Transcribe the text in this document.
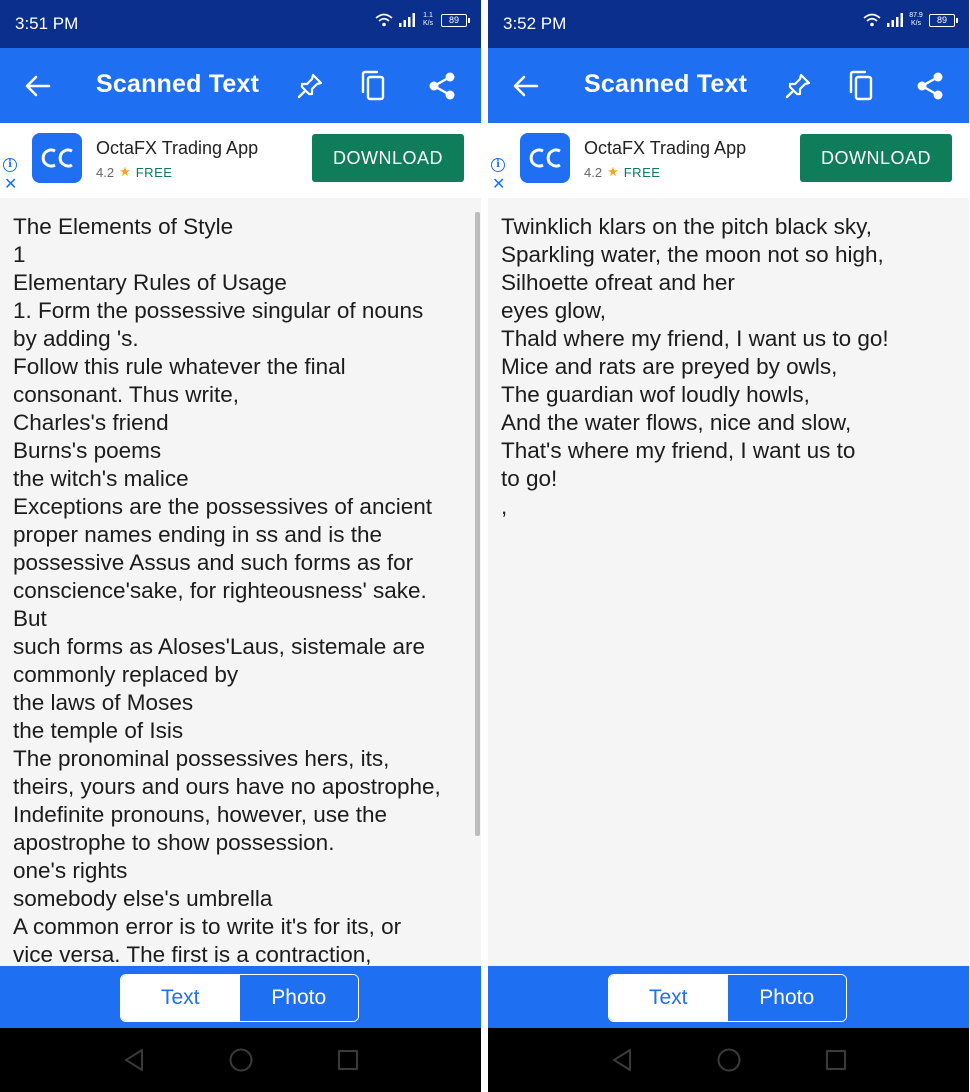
3:51 PM	1.1
K/s	89
Scanned Text
i
✕
OctaFX Trading App
4.2 ★ FREE
DOWNLOAD
The Elements of Style
1
Elementary Rules of Usage
1. Form the possessive singular of nouns
by adding 's.
Follow this rule whatever the final
consonant. Thus write,
Charles's friend
Burns's poems
the witch's malice
Exceptions are the possessives of ancient
proper names ending in ss and is the
possessive Assus and such forms as for
conscience'sake, for righteousness' sake.
But
such forms as Aloses'Laus, sistemale are
commonly replaced by
the laws of Moses
the temple of Isis
The pronominal possessives hers, its,
theirs, yours and ours have no apostrophe,
Indefinite pronouns, however, use the
apostrophe to show possession.
one's rights
somebody else's umbrella
A common error is to write it's for its, or
vice versa. The first is a contraction,
Text	Photo
3:52 PM	87.9
K/s	89
Scanned Text
i
✕
OctaFX Trading App
4.2 ★ FREE
DOWNLOAD
Twinklich klars on the pitch black sky,
Sparkling water, the moon not so high,
Silhoette ofreat and her
eyes glow,
Thald where my friend, I want us to go!
Mice and rats are preyed by owls,
The guardian wof loudly howls,
And the water flows, nice and slow,
That's where my friend, I want us to
to go!
,
Text	Photo
